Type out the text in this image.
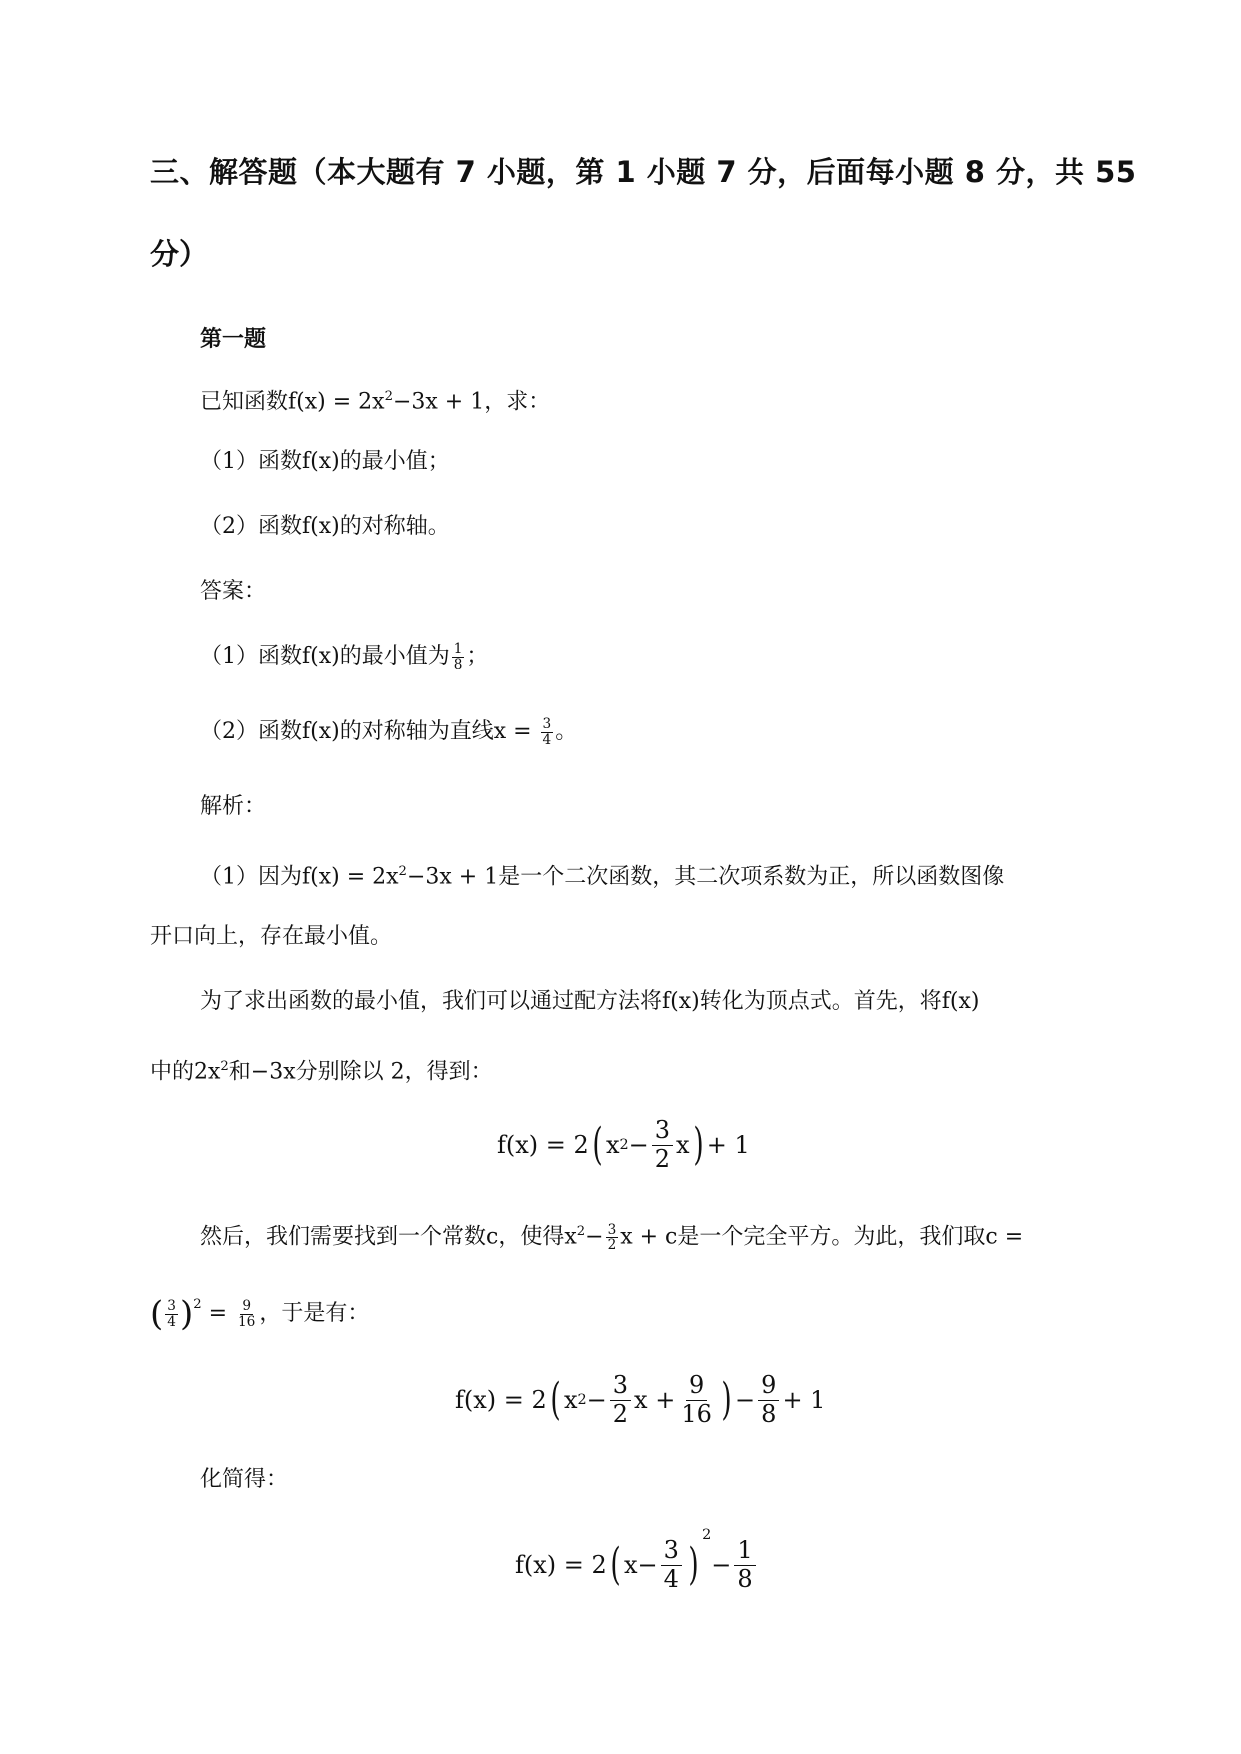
三、解答题（本大题有 7 小题，第 1 小题 7 分，后面每小题 8 分，共 55
分）
第一题
已知函数$f(x) = 2x^2-3x + 1$，求：
（1）函数f(x)的最小值；
（2）函数f(x)的对称轴。
答案：
（1）函数f(x)的最小值为 $\frac{1}{8}$ ；
（2）函数f(x)的对称轴为直线$x = \frac{3}{4}$ 。
解析：
（1）因为$f(x) = 2x^2-3x + 1$是一个二次函数，其二次项系数为正，所以函数图像
开口向上，存在最小值。
为了求出函数的最小值，我们可以通过配方法将f(x)转化为顶点式。首先，将f(x)
中的$2x^2$和−3x分别除以 2，得到：
f(x) = 2 ( x $2 - \frac{3}{2}$ x ) + 1
然后，我们需要找到一个常数c，使得$x^2- \frac{3}{2}$ x + c是一个完全平方。为此，我们取c =
( $\frac{3}{4} )^2 = \frac{9}{16}$ ，于是有：
f(x) = 2 ( x $2 - \frac{3}{2}$ $x + \frac{9}{16}$ ) − $\frac{9}{8} + 1$
化简得：
f(x) = 2 ( $x- \frac{3}{4}$ )
2
− $\frac{1}{8}$
